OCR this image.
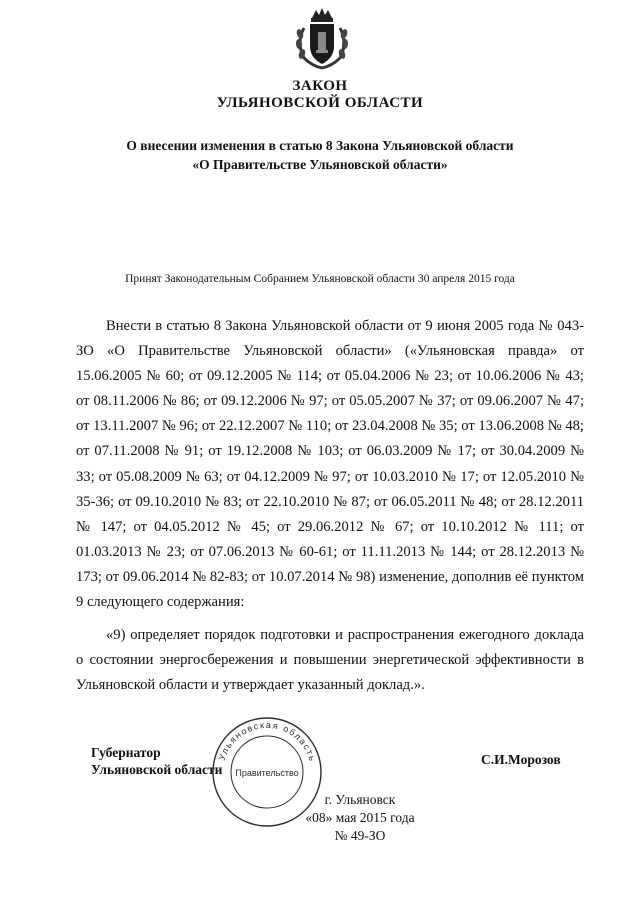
ЗАКОН
УЛЬЯНОВСКОЙ ОБЛАСТИ
О внесении изменения в статью 8 Закона Ульяновской области
«О Правительстве Ульяновской области»
Принят Законодательным Собранием Ульяновской области 30 апреля 2015 года

Внести в статью 8 Закона Ульяновской области от 9 июня 2005 года № 043-ЗО «О Правительстве Ульяновской области» («Ульяновская правда» от 15.06.2005 № 60; от 09.12.2005 № 114; от 05.04.2006 № 23; от 10.06.2006 № 43; от 08.11.2006 № 86; от 09.12.2006 № 97; от 05.05.2007 № 37; от 09.06.2007 № 47; от 13.11.2007 № 96; от 22.12.2007 № 110; от 23.04.2008 № 35; от 13.06.2008 № 48; от 07.11.2008 № 91; от 19.12.2008 № 103; от 06.03.2009 № 17; от 30.04.2009 № 33; от 05.08.2009 № 63; от 04.12.2009 № 97; от 10.03.2010 № 17; от 12.05.2010 № 35-36; от 09.10.2010 № 83; от 22.10.2010 № 87; от 06.05.2011 № 48; от 28.12.2011 № 147; от 04.05.2012 № 45; от 29.06.2012 № 67; от 10.10.2012 № 111; от 01.03.2013 № 23; от 07.06.2013 № 60-61; от 11.11.2013 № 144; от 28.12.2013 № 173; от 09.06.2014 № 82-83; от 10.07.2014 № 98) изменение, дополнив её пунктом 9 следующего содержания:

«9) определяет порядок подготовки и распространения ежегодного доклада о состоянии энергосбережения и повышении энергетической эффективности в Ульяновской области и утверждает указанный доклад.».

Губернатор
Ульяновской области
С.И.Морозов
Ульяновская область
Правительство
г. Ульяновск
«08» мая 2015 года
№ 49-ЗО
